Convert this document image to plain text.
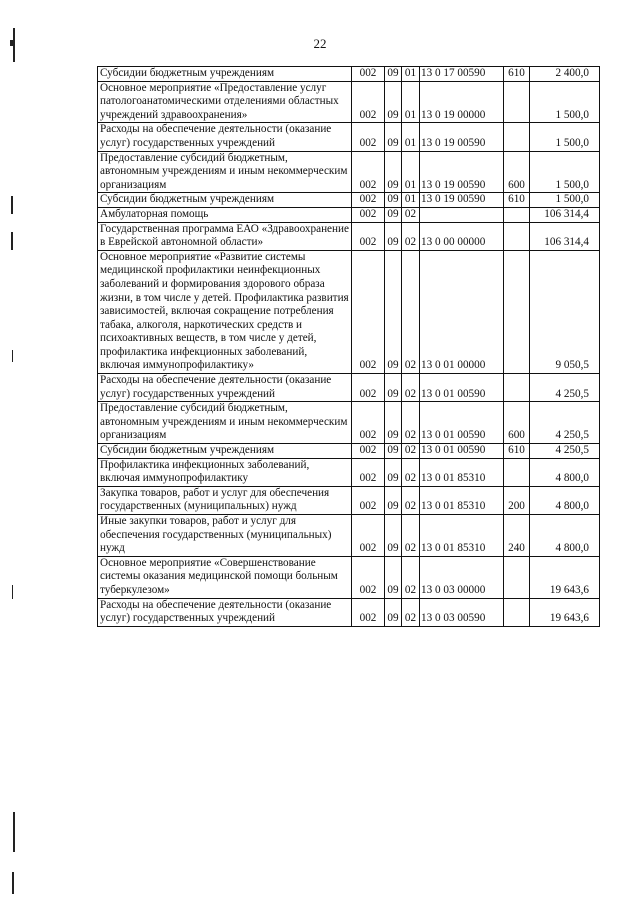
22
Субсидии бюджетным учреждениям	002	09	01	13 0 17 00590	610	2 400,0
Основное мероприятие «Предоставление услуг патологоанатомическими отделениями областных учреждений здравоохранения»	002	09	01	13 0 19 00000		1 500,0
Расходы на обеспечение деятельности (оказание услуг) государственных учреждений	002	09	01	13 0 19 00590		1 500,0
Предоставление субсидий бюджетным, автономным учреждениям и иным некоммерческим организациям	002	09	01	13 0 19 00590	600	1 500,0
Субсидии бюджетным учреждениям	002	09	01	13 0 19 00590	610	1 500,0
Амбулаторная помощь	002	09	02			106 314,4
Государственная программа ЕАО «Здравоохранение в Еврейской автономной области»	002	09	02	13 0 00 00000		106 314,4
Основное мероприятие «Развитие системы медицинской профилактики неинфекционных заболеваний и формирования здорового образа жизни, в том числе у детей. Профилактика развития зависимостей, включая сокращение потребления табака, алкоголя, наркотических средств и психоактивных веществ, в том числе у детей, профилактика инфекционных заболеваний, включая иммунопрофилактику»	002	09	02	13 0 01 00000		9 050,5
Расходы на обеспечение деятельности (оказание услуг) государственных учреждений	002	09	02	13 0 01 00590		4 250,5
Предоставление субсидий бюджетным, автономным учреждениям и иным некоммерческим организациям	002	09	02	13 0 01 00590	600	4 250,5
Субсидии бюджетным учреждениям	002	09	02	13 0 01 00590	610	4 250,5
Профилактика инфекционных заболеваний, включая иммунопрофилактику	002	09	02	13 0 01 85310		4 800,0
Закупка товаров, работ и услуг для обеспечения государственных (муниципальных) нужд	002	09	02	13 0 01 85310	200	4 800,0
Иные закупки товаров, работ и услуг для обеспечения государственных (муниципальных) нужд	002	09	02	13 0 01 85310	240	4 800,0
Основное мероприятие «Совершенствование системы оказания медицинской помощи больным туберкулезом»	002	09	02	13 0 03 00000		19 643,6
Расходы на обеспечение деятельности (оказание услуг) государственных учреждений	002	09	02	13 0 03 00590		19 643,6
